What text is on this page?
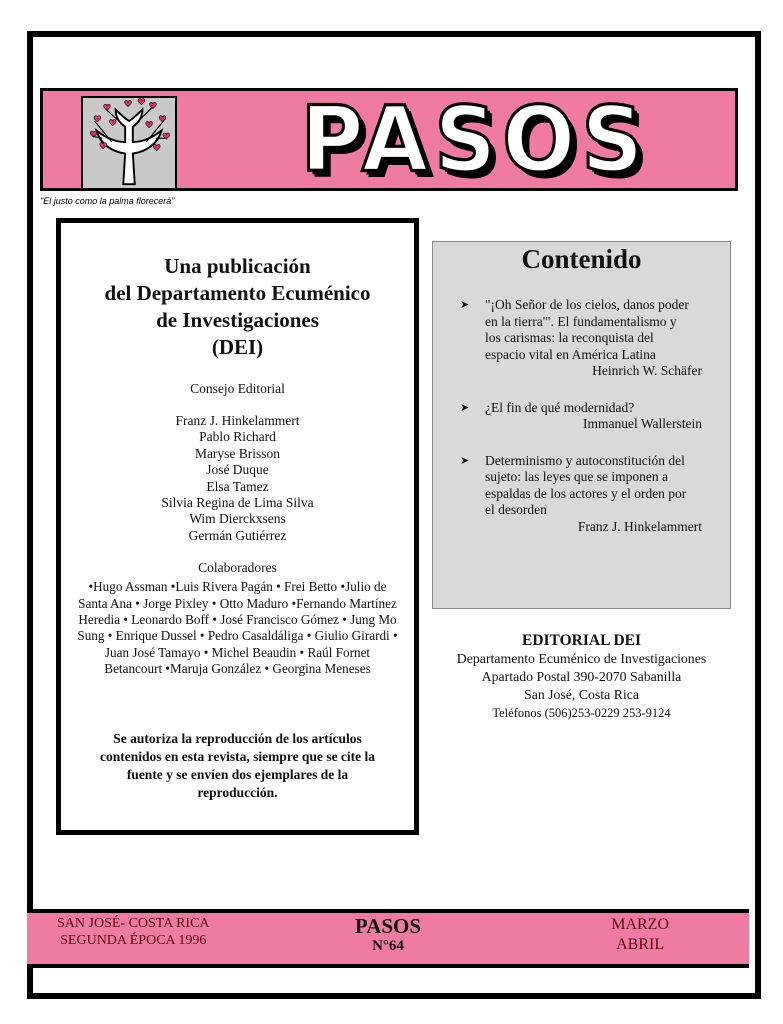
PASOS
"El justo como la palma florecerá"
Una publicación
del Departamento Ecuménico
de Investigaciones
(DEI)
Consejo Editorial
Franz J. Hinkelammert
Pablo Richard
Maryse Brisson
José Duque
Elsa Tamez
Silvia Regina de Lima Silva
Wim Dierckxsens
Germán Gutiérrez
Colaboradores
•Hugo Assman •Luis Rivera Pagán • Frei Betto •Julio de
Santa Ana • Jorge Pixley • Otto Maduro •Fernando Martínez
Heredia • Leonardo Boff • José Francisco Gómez • Jung Mo
Sung • Enrique Dussel • Pedro Casaldáliga • Giulio Girardi •
Juan José Tamayo • Michel Beaudin • Raúl Fornet
Betancourt •Maruja González • Georgina Meneses
Se autoriza la reproducción de los artículos
contenidos en esta revista, siempre que se cite la
fuente y se envíen dos ejemplares de la
reproducción.
Contenido
➤ "¡Oh Señor de los cielos, danos poder
en la tierra'". El fundamentalismo y
los carismas: la reconquista del
espacio vital en América Latina
Heinrich W. Schäfer
➤ ¿El fin de qué modernidad?
Immanuel Wallerstein
➤ Determinismo y autoconstitución del
sujeto: las leyes que se imponen a
espaldas de los actores y el orden por
el desorden
Franz J. Hinkelammert
EDITORIAL DEI
Departamento Ecuménico de Investigaciones
Apartado Postal 390-2070 Sabanilla
San José, Costa Rica
Teléfonos (506)253-0229 253-9124
SAN JOSÉ- COSTA RICA
SEGUNDA ÉPOCA 1996
PASOS
N°64
MARZO
ABRIL
